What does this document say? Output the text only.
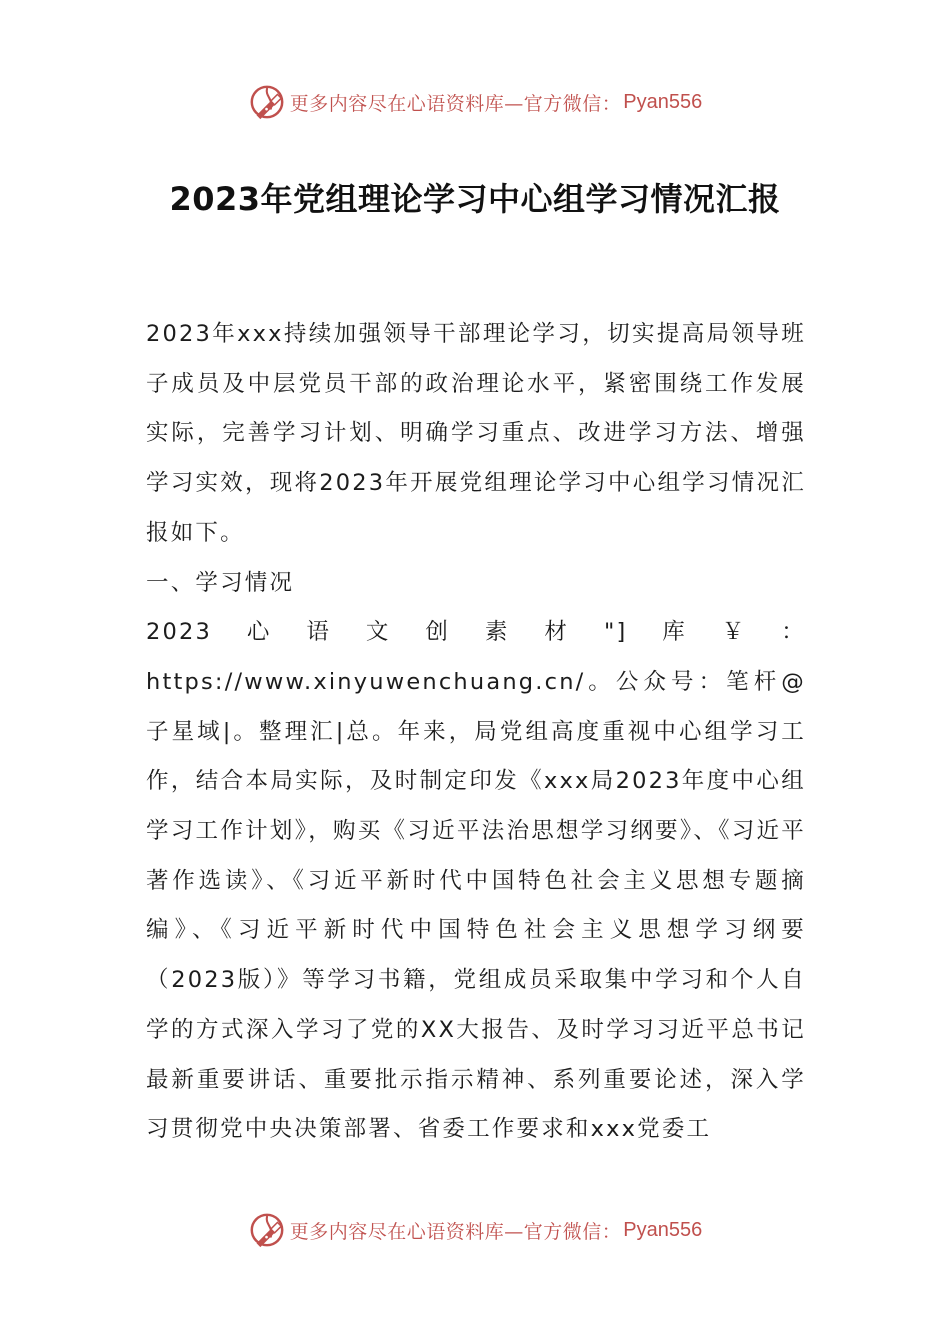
更多内容尽在心语资料库—官方微信： Pyan556
2023年党组理论学习中心组学习情况汇报

2023年xxx持续加强领导干部理论学习，切实提高局领导班子成员及中层党员干部的政治理论水平，紧密围绕工作发展实际，完善学习计划、明确学习重点、改进学习方法、增强学习实效，现将2023年开展党组理论学习中心组学习情况汇报如下。

一、学习情况

2023心语文创素材"]库￥：https://www.xinyuwenchuang.cn/。公众号：笔杆@子星域|。整理汇|总。年来，局党组高度重视中心组学习工作，结合本局实际，及时制定印发《xxx局2023年度中心组学习工作计划》，购买《习近平法治思想学习纲要》、《习近平著作选读》、《习近平新时代中国特色社会主义思想专题摘编》、《习近平新时代中国特色社会主义思想学习纲要（2023版）》等学习书籍，党组成员采取集中学习和个人自学的方式深入学习了党的XX大报告、及时学习习近平总书记最新重要讲话、重要批示指示精神、系列重要论述，深入学习贯彻党中央决策部署、省委工作要求和xxx党委工

更多内容尽在心语资料库—官方微信： Pyan556
